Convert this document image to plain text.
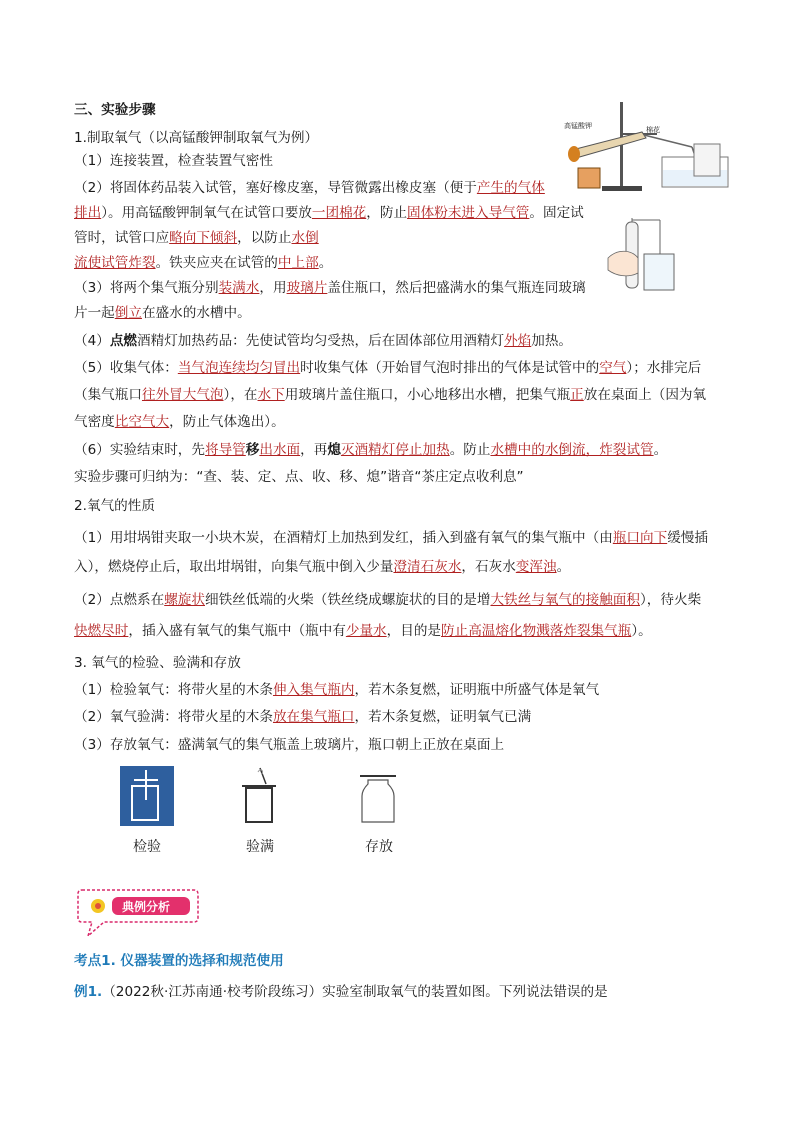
三、实验步骤
1.制取氧气（以高锰酸钾制取氧气为例）
（1）连接装置，检查装置气密性
（2）将固体药品装入试管，塞好橡皮塞，导管微露出橡皮塞（便于产生的气体
排出）。用高锰酸钾制氧气在试管口要放一团棉花，防止固体粉末进入导气管。固定试
管时，试管口应略向下倾斜，以防止水倒
流使试管炸裂。铁夹应夹在试管的中上部。
（3）将两个集气瓶分别装满水，用玻璃片盖住瓶口，然后把盛满水的集气瓶连同玻璃
片一起倒立在盛水的水槽中。
（4）点燃酒精灯加热药品：先使试管均匀受热，后在固体部位用酒精灯外焰加热。
（5）收集气体：当气泡连续均匀冒出时收集气体（开始冒气泡时排出的气体是试管中的空气）；水排完后
（集气瓶口往外冒大气泡），在水下用玻璃片盖住瓶口，小心地移出水槽，把集气瓶正放在桌面上（因为氧
气密度比空气大，防止气体逸出）。
（6）实验结束时，先将导管移出水面，再熄灭酒精灯停止加热。防止水槽中的水倒流，炸裂试管。
实验步骤可归纳为：“查、装、定、点、收、移、熄”谐音“茶庄定点收利息”
2.氧气的性质
（1）用坩埚钳夹取一小块木炭，在酒精灯上加热到发红，插入到盛有氧气的集气瓶中（由瓶口向下缓慢插
入），燃烧停止后，取出坩埚钳，向集气瓶中倒入少量澄清石灰水，石灰水变浑浊。
（2）点燃系在螺旋状细铁丝低端的火柴（铁丝绕成螺旋状的目的是增大铁丝与氧气的接触面积），待火柴
快燃尽时，插入盛有氧气的集气瓶中（瓶中有少量水，目的是防止高温熔化物溅落炸裂集气瓶）。
3. 氧气的检验、验满和存放
（1）检验氧气：将带火星的木条伸入集气瓶内，若木条复燃，证明瓶中所盛气体是氧气
（2）氧气验满：将带火星的木条放在集气瓶口，若木条复燃，证明氧气已满
（3）存放氧气：盛满氧气的集气瓶盖上玻璃片，瓶口朝上正放在桌面上
高锰酸钾	棉花
检验	验满	存放
典例分析
考点1. 仪器装置的选择和规范使用
例1.（2022秋·江苏南通·校考阶段练习）实验室制取氧气的装置如图。下列说法错误的是
